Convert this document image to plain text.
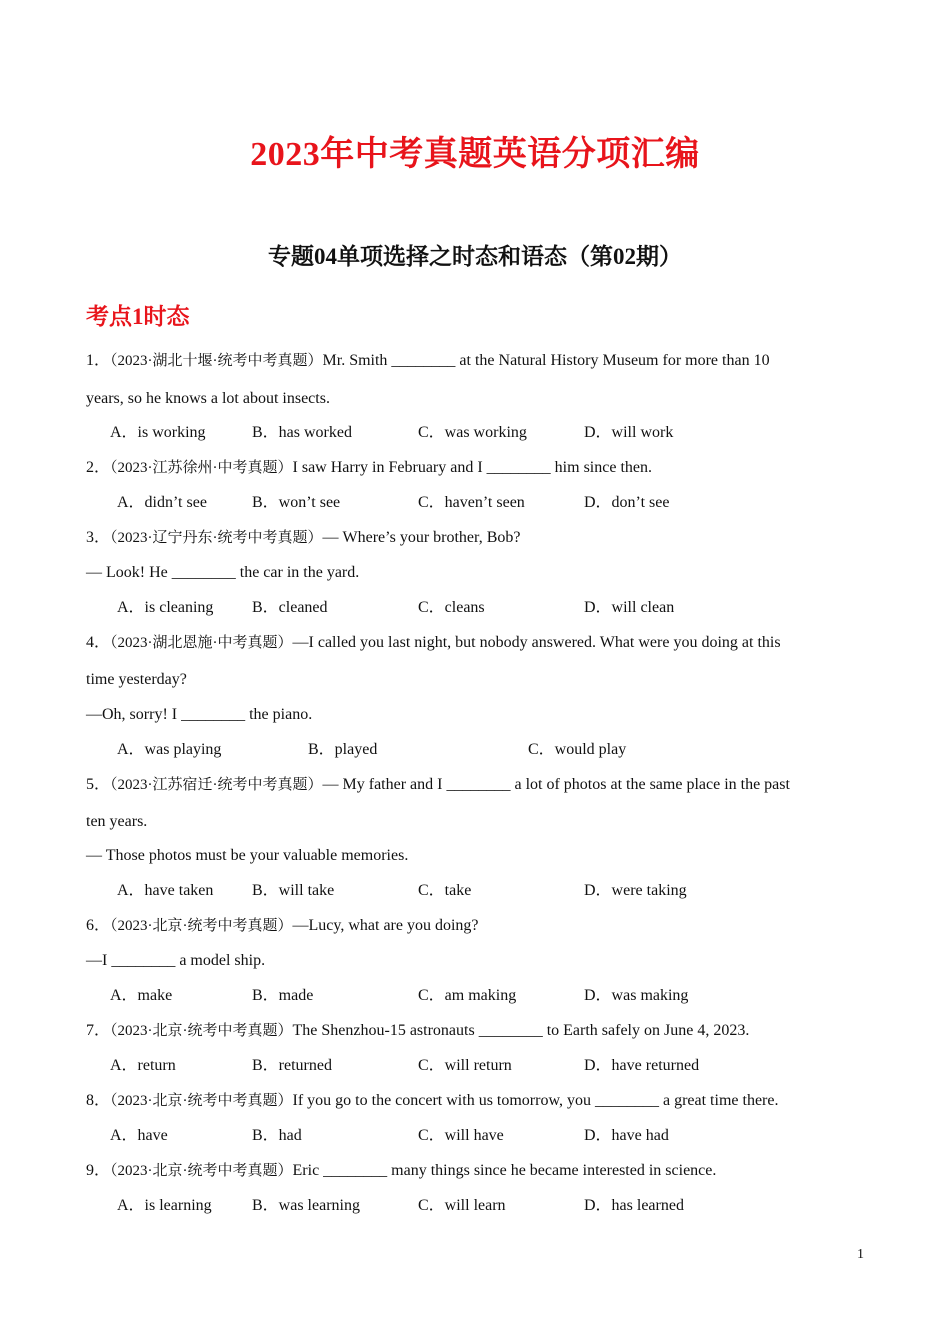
2023年中考真题英语分项汇编
专题04单项选择之时态和语态（第02期）
考点1时态
1．（2023·湖北十堰·统考中考真题）Mr. Smith ________ at the Natural History Museum for more than 10
years, so he knows a lot about insects.
A．is working	B．has worked	C．was working	D．will work
2．（2023·江苏徐州·中考真题）I saw Harry in February and I ________ him since then.
A．didn’t see	B．won’t see	C．haven’t seen	D．don’t see
3．（2023·辽宁丹东·统考中考真题）— Where’s your brother, Bob?
— Look! He ________ the car in the yard.
A．is cleaning B．cleaned	C．cleans	D．will clean
4．（2023·湖北恩施·中考真题）—I called you last night, but nobody answered. What were you doing at this
time yesterday?
—Oh, sorry! I ________ the piano.
A．was playing	B．played	C．would play
5．（2023·江苏宿迁·统考中考真题）— My father and I ________ a lot of photos at the same place in the past
ten years.
— Those photos must be your valuable memories.
A．have taken B．will take	C．take	D．were taking
6．（2023·北京·统考中考真题）—Lucy, what are you doing?
—I ________ a model ship.
A．make	B．made	C．am making	D．was making
7．（2023·北京·统考中考真题）The Shenzhou-15 astronauts ________ to Earth safely on June 4, 2023.
A．return	B．returned	C．will return	D．have returned
8．（2023·北京·统考中考真题）If you go to the concert with us tomorrow, you ________ a great time there.
A．have	B．had	C．will have	D．have had
9．（2023·北京·统考中考真题）Eric ________ many things since he became interested in science.
A．is learning	B．was learning	C．will learn	D．has learned
1
